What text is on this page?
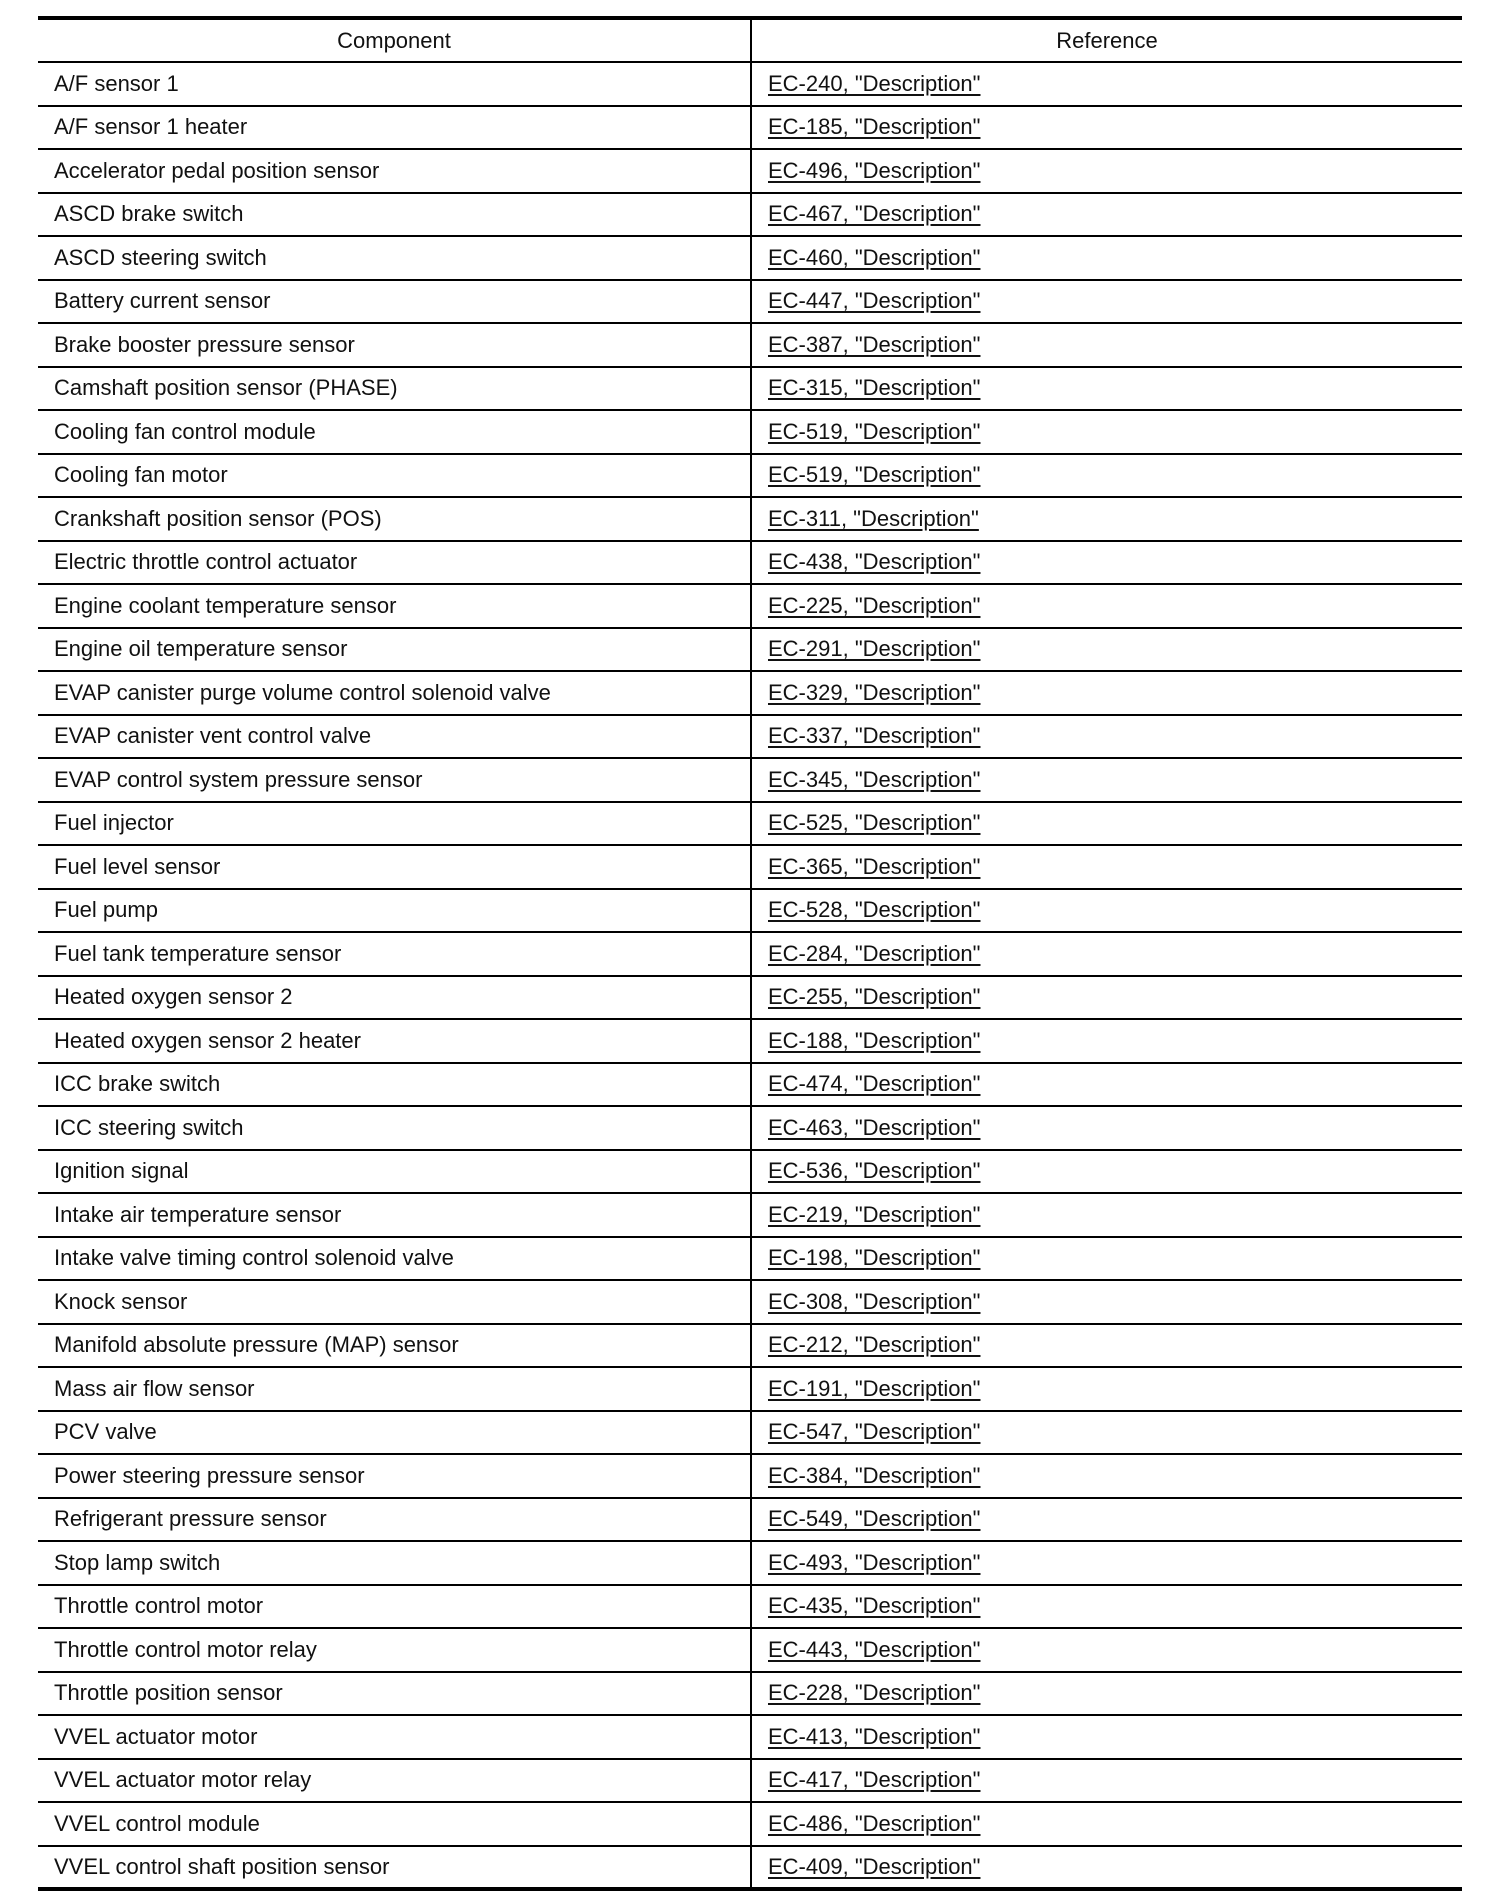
Component	Reference
A/F sensor 1	EC-240, "Description"
A/F sensor 1 heater	EC-185, "Description"
Accelerator pedal position sensor	EC-496, "Description"
ASCD brake switch	EC-467, "Description"
ASCD steering switch	EC-460, "Description"
Battery current sensor	EC-447, "Description"
Brake booster pressure sensor	EC-387, "Description"
Camshaft position sensor (PHASE)	EC-315, "Description"
Cooling fan control module	EC-519, "Description"
Cooling fan motor	EC-519, "Description"
Crankshaft position sensor (POS)	EC-311, "Description"
Electric throttle control actuator	EC-438, "Description"
Engine coolant temperature sensor	EC-225, "Description"
Engine oil temperature sensor	EC-291, "Description"
EVAP canister purge volume control solenoid valve	EC-329, "Description"
EVAP canister vent control valve	EC-337, "Description"
EVAP control system pressure sensor	EC-345, "Description"
Fuel injector	EC-525, "Description"
Fuel level sensor	EC-365, "Description"
Fuel pump	EC-528, "Description"
Fuel tank temperature sensor	EC-284, "Description"
Heated oxygen sensor 2	EC-255, "Description"
Heated oxygen sensor 2 heater	EC-188, "Description"
ICC brake switch	EC-474, "Description"
ICC steering switch	EC-463, "Description"
Ignition signal	EC-536, "Description"
Intake air temperature sensor	EC-219, "Description"
Intake valve timing control solenoid valve	EC-198, "Description"
Knock sensor	EC-308, "Description"
Manifold absolute pressure (MAP) sensor	EC-212, "Description"
Mass air flow sensor	EC-191, "Description"
PCV valve	EC-547, "Description"
Power steering pressure sensor	EC-384, "Description"
Refrigerant pressure sensor	EC-549, "Description"
Stop lamp switch	EC-493, "Description"
Throttle control motor	EC-435, "Description"
Throttle control motor relay	EC-443, "Description"
Throttle position sensor	EC-228, "Description"
VVEL actuator motor	EC-413, "Description"
VVEL actuator motor relay	EC-417, "Description"
VVEL control module	EC-486, "Description"
VVEL control shaft position sensor	EC-409, "Description"
